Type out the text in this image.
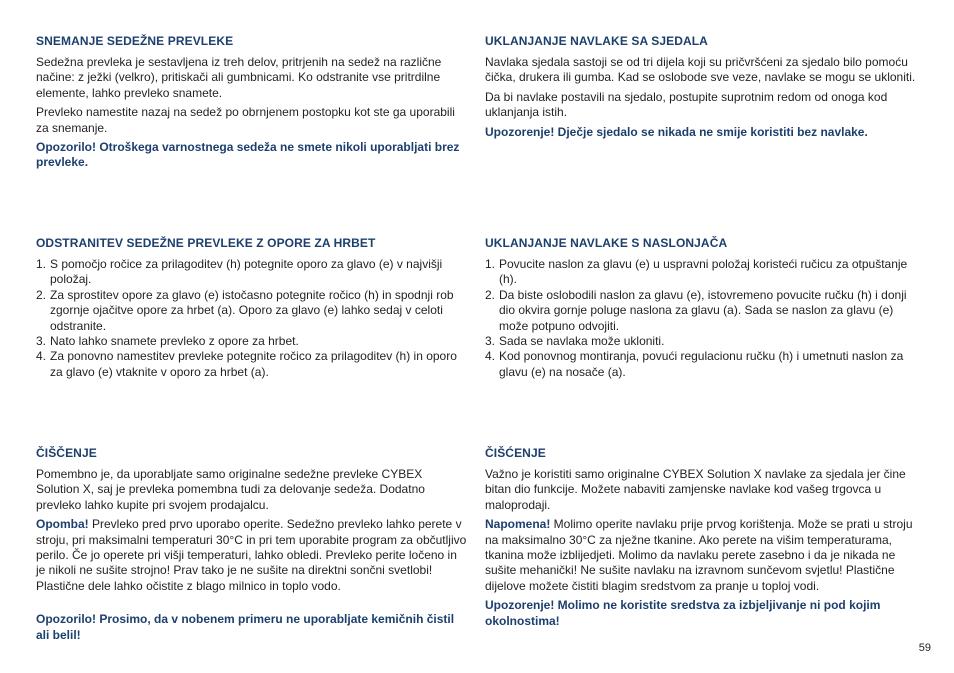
SNEMANJE SEDEŽNE PREVLEKE
Sedežna prevleka je sestavljena iz treh delov, pritrjenih na sedež na različne načine: z ježki (velkro), pritiskači ali gumbnicami. Ko odstranite vse pritrdilne elemente, lahko prevleko snamete.
Prevleko namestite nazaj na sedež po obrnjenem postopku kot ste ga uporabili za snemanje.
Opozorilo! Otroškega varnostnega sedeža ne smete nikoli uporabljati brez prevleke.
ODSTRANITEV SEDEŽNE PREVLEKE Z OPORE ZA HRBET
1. S pomočjo ročice za prilagoditev (h) potegnite oporo za glavo (e) v najvišji položaj.
2. Za sprostitev opore za glavo (e) istočasno potegnite ročico (h) in spodnji rob zgornje ojačitve opore za hrbet (a). Oporo za glavo (e) lahko sedaj v celoti odstranite.
3. Nato lahko snamete prevleko z opore za hrbet.
4. Za ponovno namestitev prevleke potegnite ročico za prilagoditev (h) in oporo za glavo (e) vtaknite v oporo za hrbet (a).
ČIŠČENJE
Pomembno je, da uporabljate samo originalne sedežne prevleke CYBEX Solution X, saj je prevleka pomembna tudi za delovanje sedeža. Dodatno prevleko lahko kupite pri svojem prodajalcu.
Opomba! Prevleko pred prvo uporabo operite. Sedežno prevleko lahko perete v stroju, pri maksimalni temperaturi 30°C in pri tem uporabite program za občutljivo perilo. Če jo operete pri višji temperaturi, lahko obledi. Prevleko perite ločeno in je nikoli ne sušite strojno! Prav tako je ne sušite na direktni sončni svetlobi! Plastične dele lahko očistite z blago milnico in toplo vodo.
Opozorilo! Prosimo, da v nobenem primeru ne uporabljate kemičnih čistil ali belil!
UKLANJANJE NAVLAKE SA SJEDALA
Navlaka sjedala sastoji se od tri dijela koji su pričvršćeni za sjedalo bilo pomoću čička, drukera ili gumba. Kad se oslobode sve veze, navlake se mogu se ukloniti.
Da bi navlake postavili na sjedalo, postupite suprotnim redom od onoga kod uklanjanja istih.
Upozorenje! Dječje sjedalo se nikada ne smije koristiti bez navlake.
UKLANJANJE NAVLAKE S NASLONJAČA
1. Povucite naslon za glavu (e) u uspravni položaj koristeći ručicu za otpuštanje (h).
2. Da biste oslobodili naslon za glavu (e), istovremeno povucite ručku (h) i donji dio okvira gornje poluge naslona za glavu (a). Sada se naslon za glavu (e) može potpuno odvojiti.
3. Sada se navlaka može ukloniti.
4. Kod ponovnog montiranja, povući regulacionu ručku (h) i umetnuti naslon za glavu (e) na nosače (a).
ČIŠĆENJE
Važno je koristiti samo originalne CYBEX Solution X navlake za sjedala jer čine bitan dio funkcije. Možete nabaviti zamjenske navlake kod vašeg trgovca u maloprodaji.
Napomena! Molimo operite navlaku prije prvog korištenja. Može se prati u stroju na maksimalno 30°C za nježne tkanine. Ako perete na višim temperaturama, tkanina može izblijedjeti. Molimo da navlaku perete zasebno i da je nikada ne sušite mehanički! Ne sušite navlaku na izravnom sunčevom svjetlu! Plastične dijelove možete čistiti blagim sredstvom za pranje u toploj vodi.
Upozorenje! Molimo ne koristite sredstva za izbjeljivanje ni pod kojim okolnostima!
59
